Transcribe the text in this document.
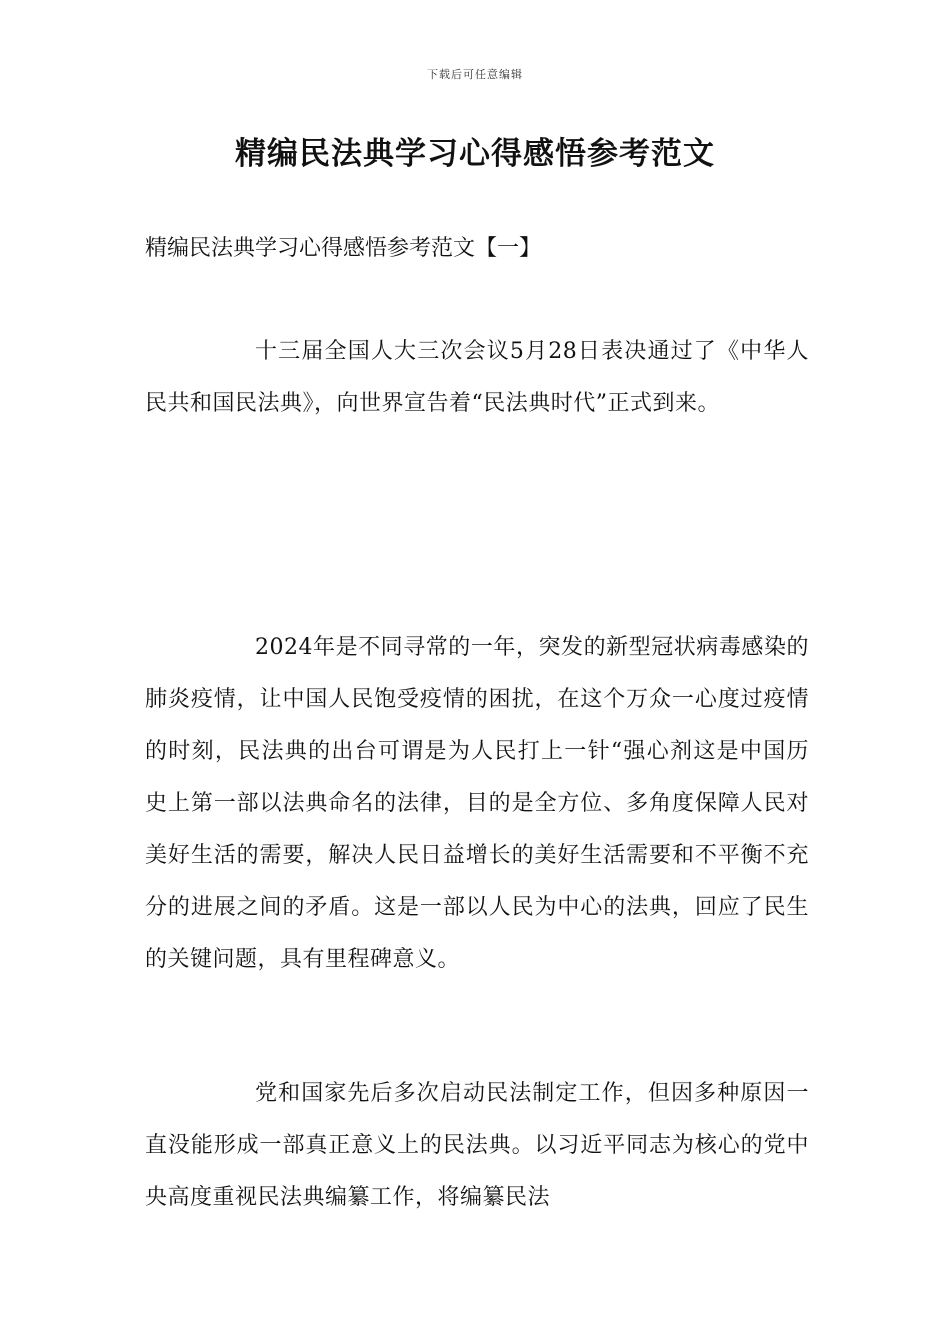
下载后可任意编辑
精编民法典学习心得感悟参考范文
精编民法典学习心得感悟参考范文【一】

十三届全国人大三次会议5月28日表决通过了《中华人民共和国民法典》，向世界宣告着“民法典时代”正式到来。

2024年是不同寻常的一年，突发的新型冠状病毒感染的肺炎疫情，让中国人民饱受疫情的困扰，在这个万众一心度过疫情的时刻，民法典的出台可谓是为人民打上一针“强心剂这是中国历史上第一部以法典命名的法律，目的是全方位、多角度保障人民对美好生活的需要，解决人民日益增长的美好生活需要和不平衡不充分的进展之间的矛盾。这是一部以人民为中心的法典，回应了民生的关键问题，具有里程碑意义。

党和国家先后多次启动民法制定工作，但因多种原因一直没能形成一部真正意义上的民法典。以习近平同志为核心的党中央高度重视民法典编纂工作，将编纂民法
